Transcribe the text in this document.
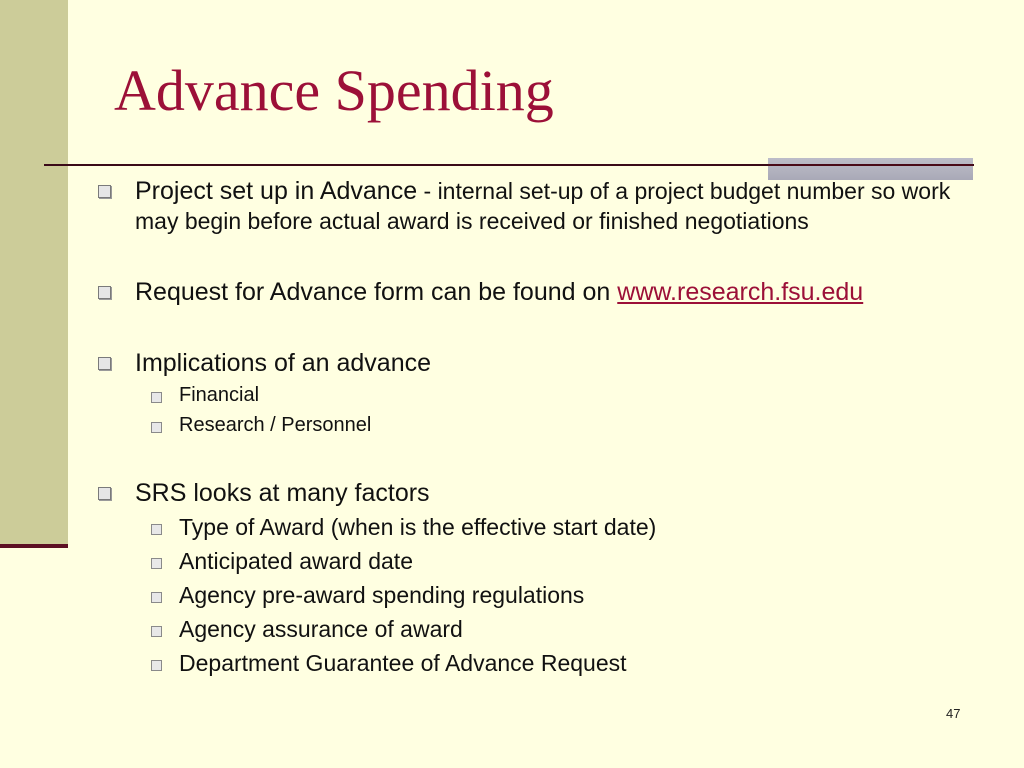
Advance Spending
Project set up in Advance - internal set-up of a project budget number so work may begin before actual award is received or finished negotiations
Request for Advance form can be found on www.research.fsu.edu
Implications of an advance
Financial
Research / Personnel
SRS looks at many factors
Type of Award (when is the effective start date)
Anticipated award date
Agency pre-award spending regulations
Agency assurance of award
Department Guarantee of Advance Request
47
